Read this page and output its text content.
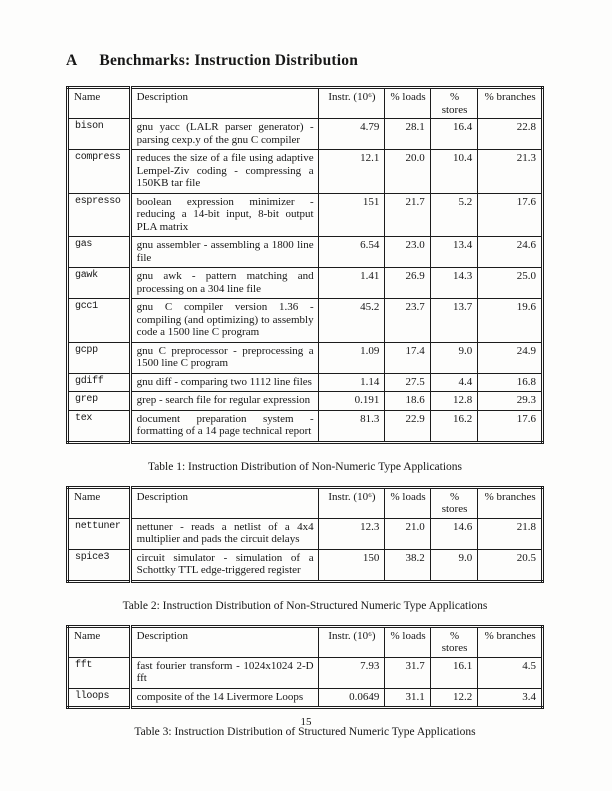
A Benchmarks: Instruction Distribution
Name	Description	Instr. (10⁶)	% loads	% stores	% branches
bison	gnu yacc (LALR parser generator) - parsing cexp.y of the gnu C compiler	4.79	28.1	16.4	22.8
compress	reduces the size of a file using adaptive Lempel-Ziv coding - compressing a 150KB tar file	12.1	20.0	10.4	21.3
espresso	boolean expression minimizer - reducing a 14-bit input, 8-bit output PLA matrix	151	21.7	5.2	17.6
gas	gnu assembler - assembling a 1800 line file	6.54	23.0	13.4	24.6
gawk	gnu awk - pattern matching and processing on a 304 line file	1.41	26.9	14.3	25.0
gcc1	gnu C compiler version 1.36 - compiling (and optimizing) to assembly code a 1500 line C program	45.2	23.7	13.7	19.6
gcpp	gnu C preprocessor - preprocessing a 1500 line C program	1.09	17.4	9.0	24.9
gdiff	gnu diff - comparing two 1112 line files	1.14	27.5	4.4	16.8
grep	grep - search file for regular expression	0.191	18.6	12.8	29.3
tex	document preparation system - formatting of a 14 page technical report	81.3	22.9	16.2	17.6
Table 1: Instruction Distribution of Non-Numeric Type Applications
Name	Description	Instr. (10⁶)	% loads	% stores	% branches
nettuner	nettuner - reads a netlist of a 4x4 multiplier and pads the circuit delays	12.3	21.0	14.6	21.8
spice3	circuit simulator - simulation of a Schottky TTL edge-triggered register	150	38.2	9.0	20.5
Table 2: Instruction Distribution of Non-Structured Numeric Type Applications
Name	Description	Instr. (10⁶)	% loads	% stores	% branches
fft	fast fourier transform - 1024x1024 2-D fft	7.93	31.7	16.1	4.5
lloops	composite of the 14 Livermore Loops	0.0649	31.1	12.2	3.4
Table 3: Instruction Distribution of Structured Numeric Type Applications
15
